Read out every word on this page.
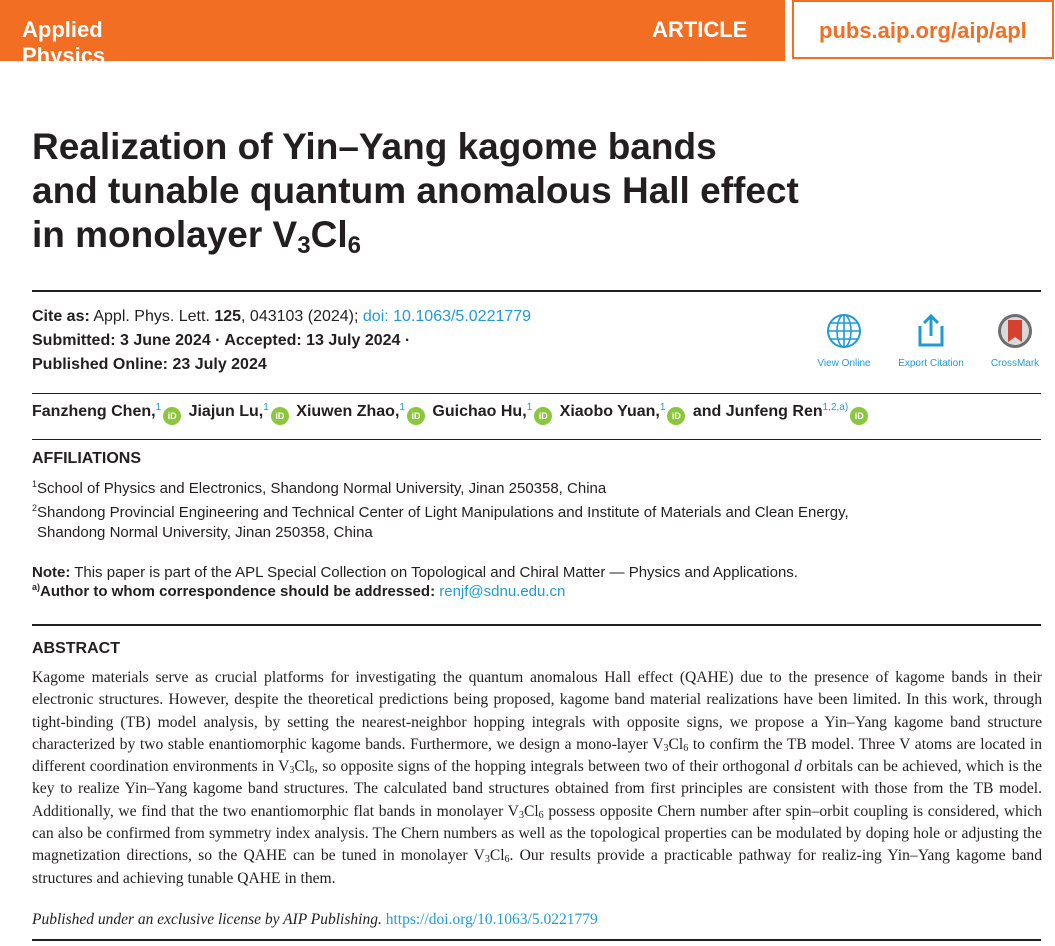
Applied Physics Letters
ARTICLE	pubs.aip.org/aip/apl
Realization of Yin–Yang kagome bands
and tunable quantum anomalous Hall effect
in monolayer $V_3Cl_6$
Cite as: Appl. Phys. Lett. 125, 043103 (2024); doi: 10.1063/5.0221779
Submitted: 3 June 2024 · Accepted: 13 July 2024 ·
Published Online: 23 July 2024	View Online	Export Citation	CrossMark
Fanzheng Chen,$^1$iD Jiajun Lu,$^1$iD Xiuwen Zhao,$^1$iD Guichao Hu,$^1$iD Xiaobo Yuan,$^1$iD and Junfeng Ren$^{1,2,a)}$iD
AFFILIATIONS
$^1$School of Physics and Electronics, Shandong Normal University, Jinan 250358, China
$^2$Shandong Provincial Engineering and Technical Center of Light Manipulations and Institute of Materials and Clean Energy,
Shandong Normal University, Jinan 250358, China
Note: This paper is part of the APL Special Collection on Topological and Chiral Matter — Physics and Applications.
$^{a)}$Author to whom correspondence should be addressed: renjf@sdnu.edu.cn
ABSTRACT
Kagome materials serve as crucial platforms for investigating the quantum anomalous Hall effect (QAHE) due to the presence of kagome bands in their electronic structures. However, despite the theoretical predictions being proposed, kagome band material realizations have been limited. In this work, through tight-binding (TB) model analysis, by setting the nearest-neighbor hopping integrals with opposite signs, we propose a Yin–Yang kagome band structure characterized by two stable enantiomorphic kagome bands. Furthermore, we design a mono-layer $V_3Cl_6$ to confirm the TB model. Three V atoms are located in different coordination environments in $V_3Cl_6$, so opposite signs of the hopping integrals between two of their orthogonal d orbitals can be achieved, which is the key to realize Yin–Yang kagome band structures. The calculated band structures obtained from first principles are consistent with those from the TB model. Additionally, we find that the two enantiomorphic flat bands in monolayer $V_3Cl_6$ possess opposite Chern number after spin–orbit coupling is considered, which can also be confirmed from symmetry index analysis. The Chern numbers as well as the topological properties can be modulated by doping hole or adjusting the magnetization directions, so the QAHE can be tuned in monolayer $V_3Cl_6$. Our results provide a practicable pathway for realiz-ing Yin–Yang kagome band structures and achieving tunable QAHE in them.
Published under an exclusive license by AIP Publishing. https://doi.org/10.1063/5.0221779
